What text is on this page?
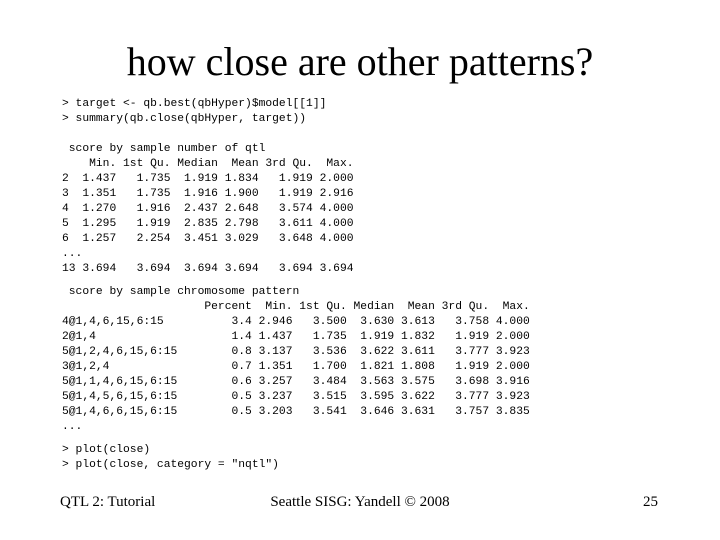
how close are other patterns?
> target <- qb.best(qbHyper)$model[[1]]
> summary(qb.close(qbHyper, target))
score by sample number of qtl
Min. 1st Qu. Median  Mean 3rd Qu.  Max.
2  1.437   1.735  1.919 1.834   1.919 2.000
3  1.351   1.735  1.916 1.900   1.919 2.916
4  1.270   1.916  2.437 2.648   3.574 4.000
5  1.295   1.919  2.835 2.798   3.611 4.000
6  1.257   2.254  3.451 3.029   3.648 4.000
...
13 3.694   3.694  3.694 3.694   3.694 3.694
score by sample chromosome pattern
Percent  Min. 1st Qu. Median  Mean 3rd Qu.  Max.
4@1,4,6,15,6:15          3.4 2.946   3.500  3.630 3.613   3.758 4.000
2@1,4                    1.4 1.437   1.735  1.919 1.832   1.919 2.000
5@1,2,4,6,15,6:15        0.8 3.137   3.536  3.622 3.611   3.777 3.923
3@1,2,4                  0.7 1.351   1.700  1.821 1.808   1.919 2.000
5@1,1,4,6,15,6:15        0.6 3.257   3.484  3.563 3.575   3.698 3.916
5@1,4,5,6,15,6:15        0.5 3.237   3.515  3.595 3.622   3.777 3.923
5@1,4,6,6,15,6:15        0.5 3.203   3.541  3.646 3.631   3.757 3.835
...
> plot(close)
> plot(close, category = "nqtl")
QTL 2: Tutorial	Seattle SISG: Yandell © 2008	25
